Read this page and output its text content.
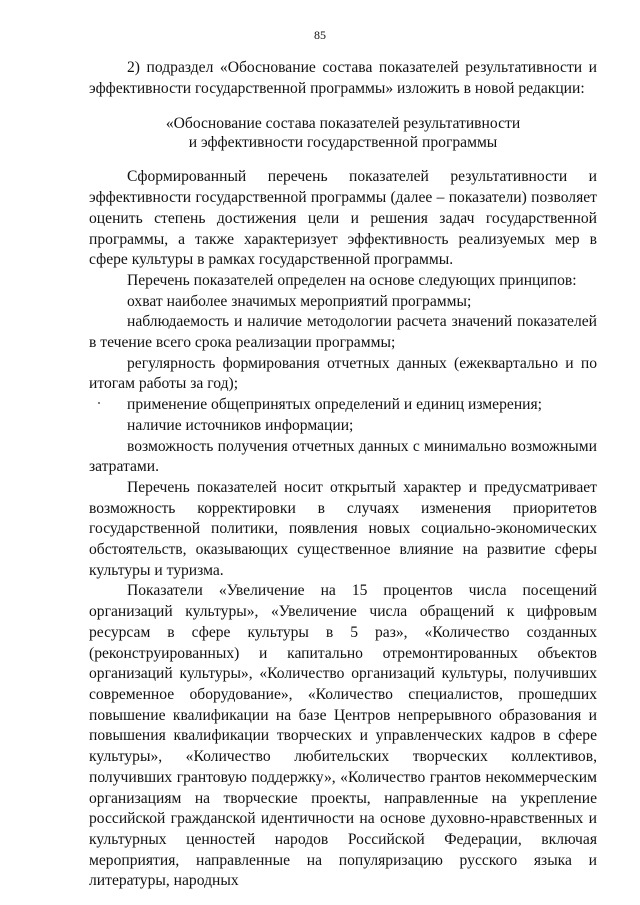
85

2) подраздел «Обоснование состава показателей результативности и эффективности государственной программы» изложить в новой редакции:

«Обоснование состава показателей результативности
и эффективности государственной программы

Сформированный перечень показателей результативности и эффективности государственной программы (далее – показатели) позволяет оценить степень достижения цели и решения задач государственной программы, а также характеризует эффективность реализуемых мер в сфере культуры в рамках государственной программы.

Перечень показателей определен на основе следующих принципов:

охват наиболее значимых мероприятий программы;

наблюдаемость и наличие методологии расчета значений показателей в течение всего срока реализации программы;

регулярность формирования отчетных данных (ежеквартально и по итогам работы за год);

применение общепринятых определений и единиц измерения;

наличие источников информации;

возможность получения отчетных данных с минимально возможными затратами.

Перечень показателей носит открытый характер и предусматривает возможность корректировки в случаях изменения приоритетов государственной политики, появления новых социально-экономических обстоятельств, оказывающих существенное влияние на развитие сферы культуры и туризма.

Показатели «Увеличение на 15 процентов числа посещений организаций культуры», «Увеличение числа обращений к цифровым ресурсам в сфере культуры в 5 раз», «Количество созданных (реконструированных) и капитально отремонтированных объектов организаций культуры», «Количество организаций культуры, получивших современное оборудование», «Количество специалистов, прошедших повышение квалификации на базе Центров непрерывного образования и повышения квалификации творческих и управленческих кадров в сфере культуры», «Количество любительских творческих коллективов, получивших грантовую поддержку», «Количество грантов некоммерческим организациям на творческие проекты, направленные на укрепление российской гражданской идентичности на основе духовно-нравственных и культурных ценностей народов Российской Федерации, включая мероприятия, направленные на популяризацию русского языка и литературы, народных
